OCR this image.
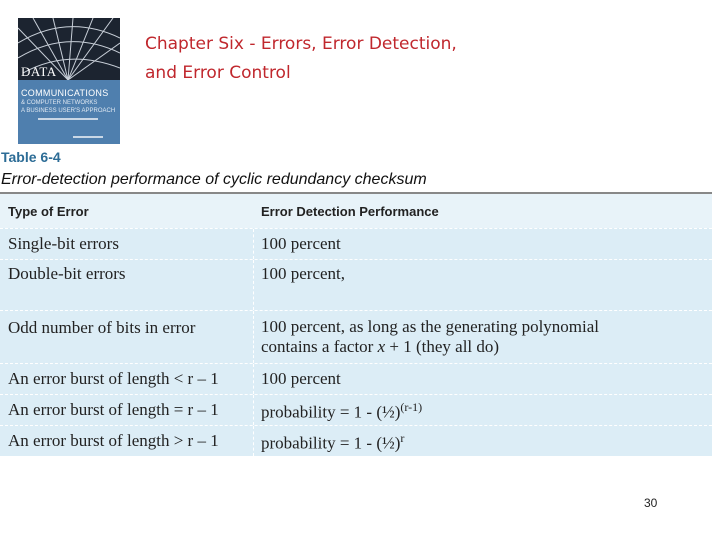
DATA
COMMUNICATIONS
& COMPUTER NETWORKS
A BUSINESS USER'S APPROACH
Chapter Six - Errors, Error Detection,
and Error Control
Table 6-4
Error-detection performance of cyclic redundancy checksum
Type of Error	Error Detection Performance
Single-bit errors	100 percent
Double-bit errors	100 percent,
Odd number of bits in error	100 percent, as long as the generating polynomial
contains a factor x + 1 (they all do)
An error burst of length < r – 1	100 percent
An error burst of length = r – 1	probability = 1 - (½)$^{(r-1)}$
An error burst of length > r – 1	probability = 1 - (½)$^r$
30
